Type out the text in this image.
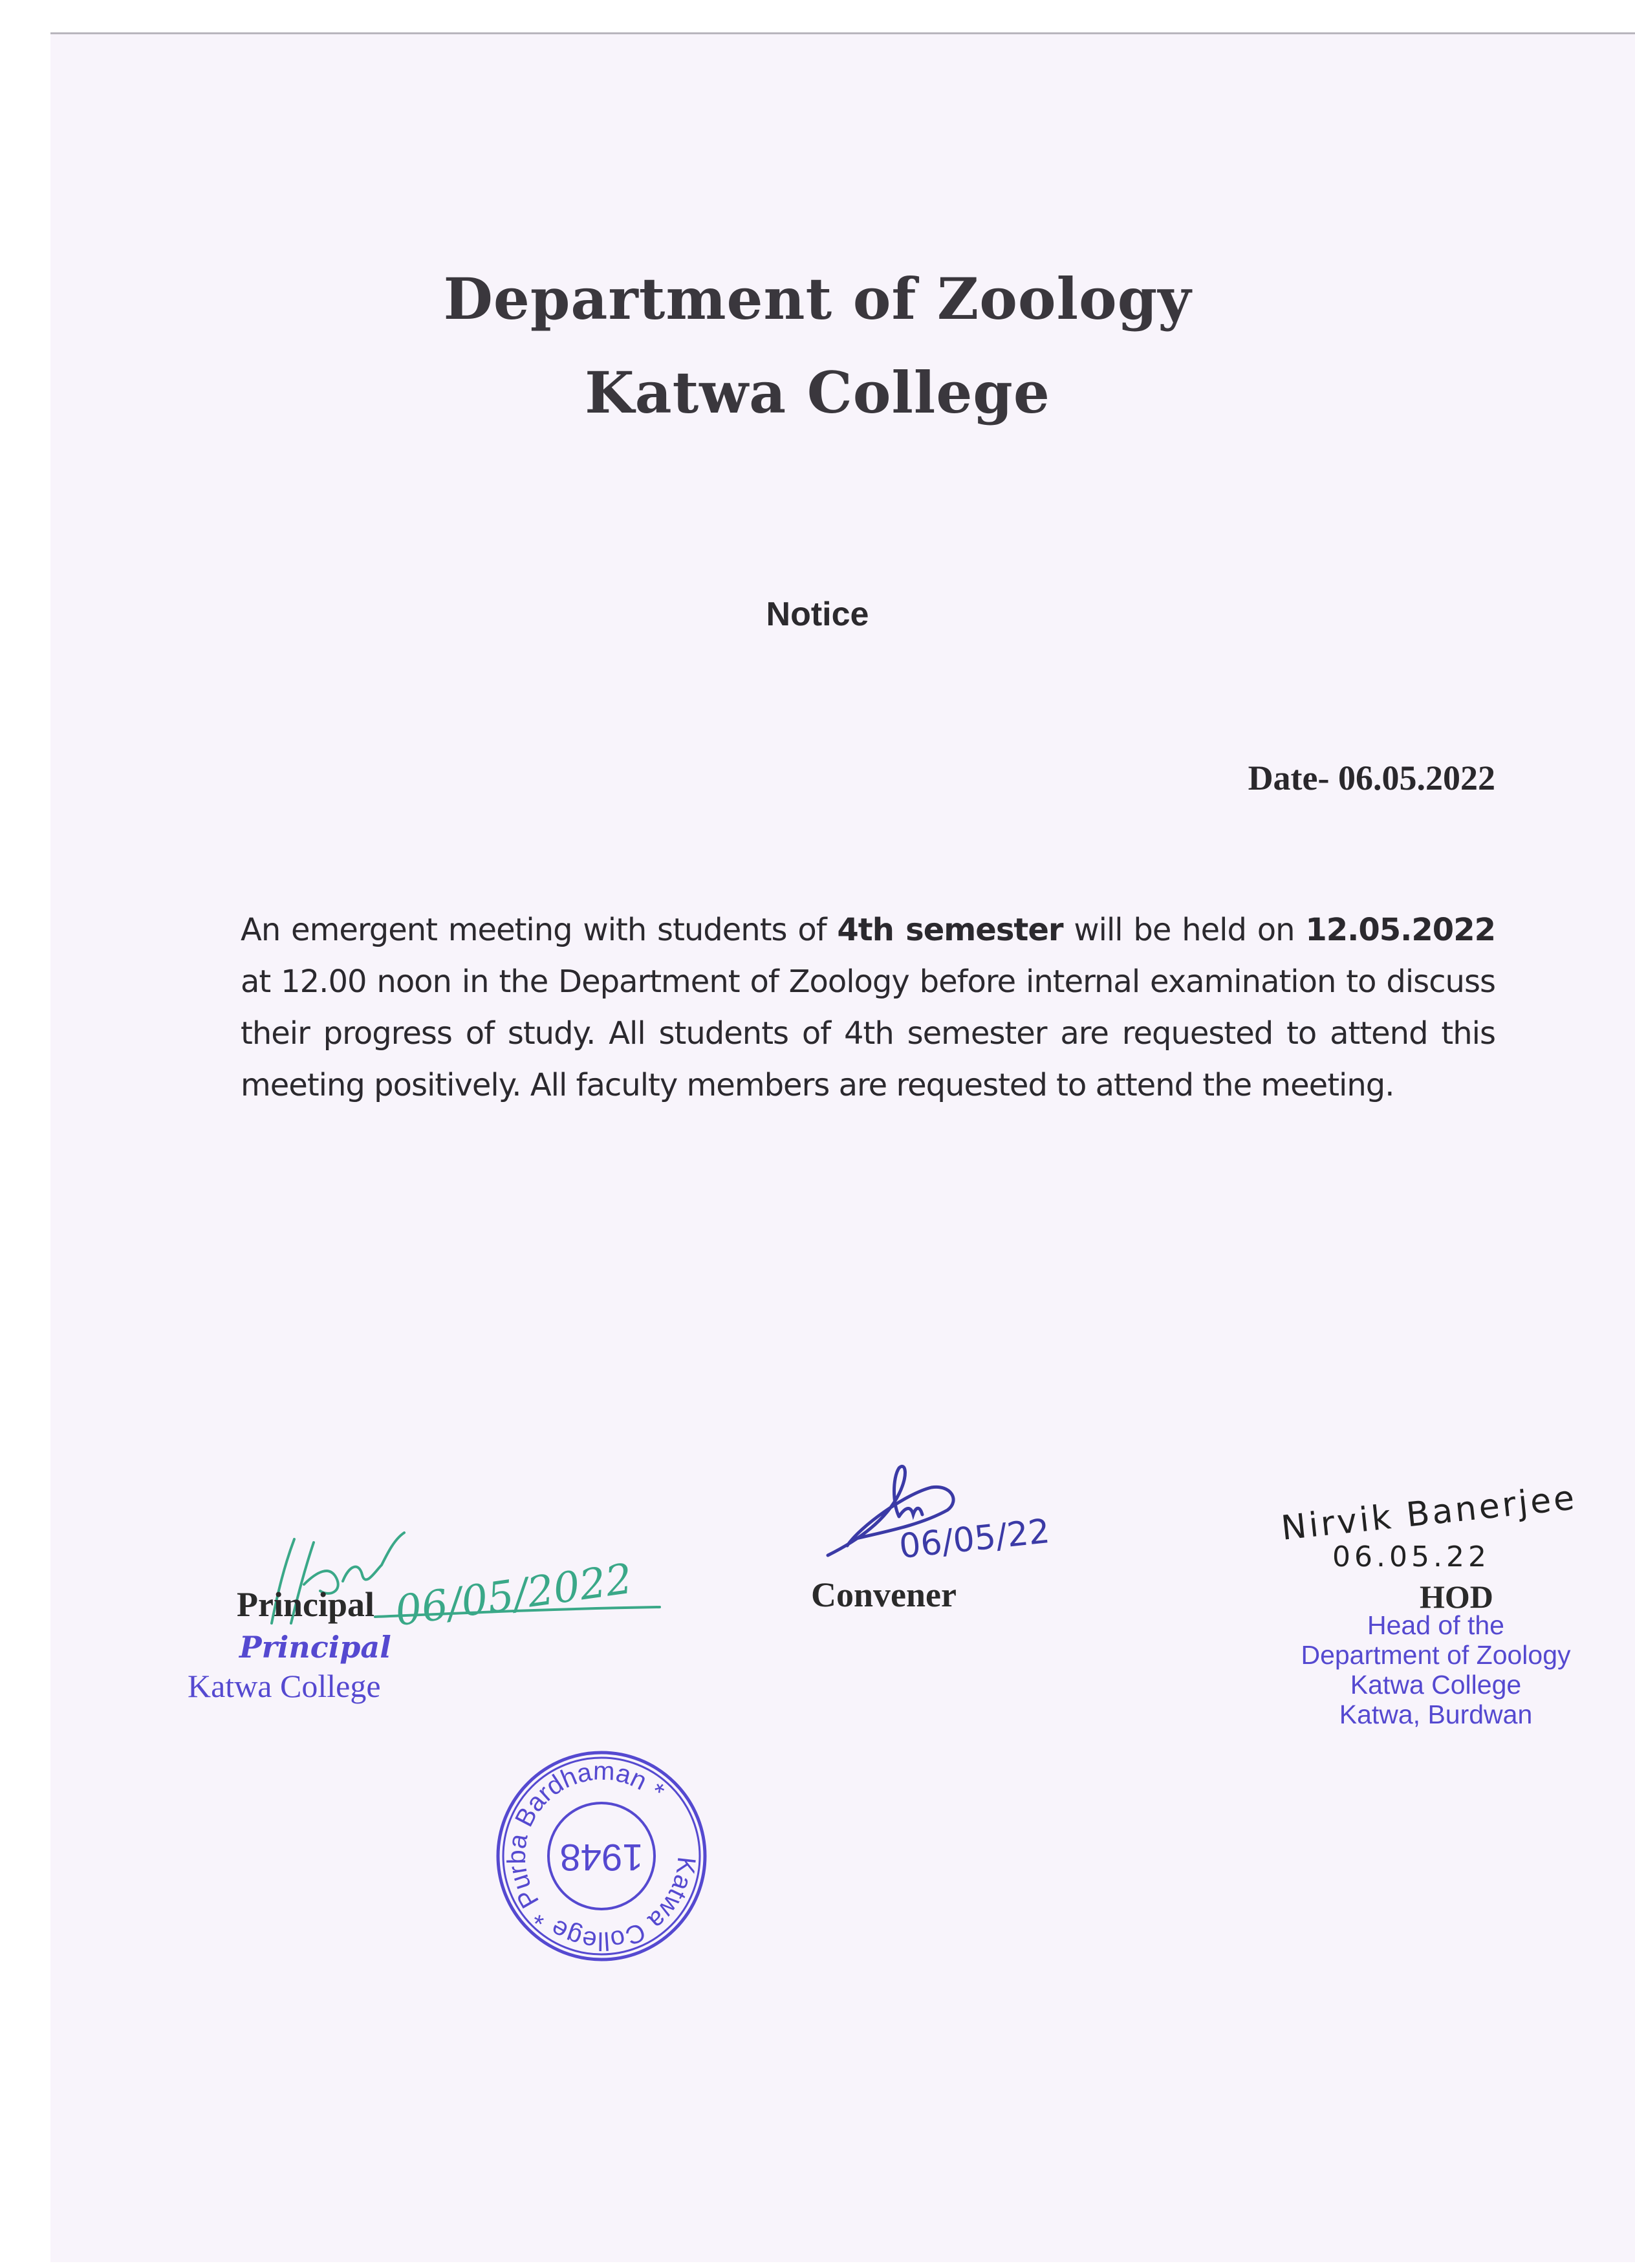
Department of Zoology
Katwa College
Notice
Date- 06.05.2022
An emergent meeting with students of 4th semester will be held on 12.05.2022 at 12.00 noon in the Department of Zoology before internal examination to discuss their progress of study. All students of 4th semester are requested to attend this meeting positively. All faculty members are requested to attend the meeting.
06/05/2022
Principal
Principal
Katwa College
06/05/22
Convener
Nirvik Banerjee
06.05.22
HOD
Head of the
Department of Zoology
Katwa College
Katwa, Burdwan
Katwa College * Purba Bardhaman *
1948
